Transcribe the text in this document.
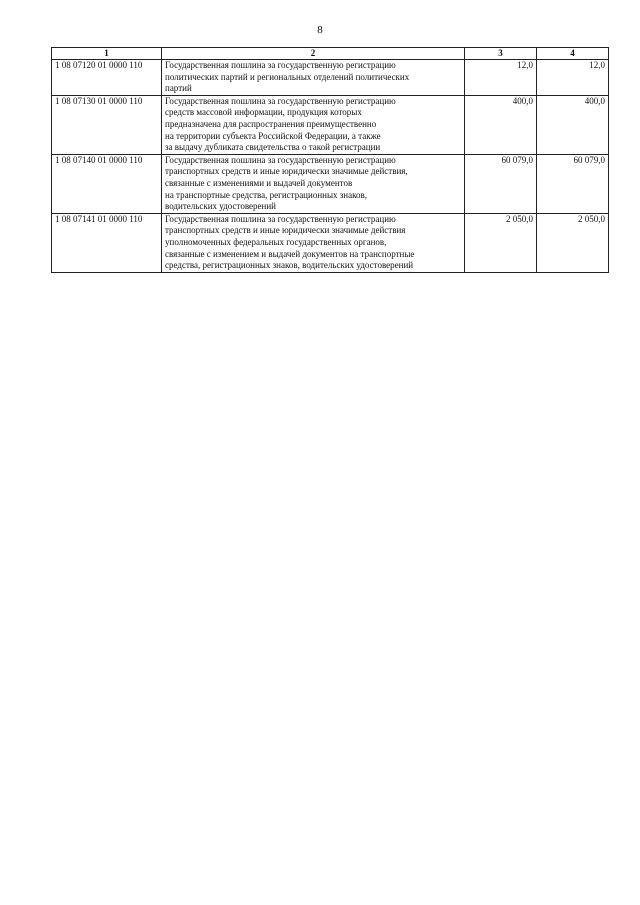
8
1	2	3	4
1 08 07120 01 0000 110	Государственная пошлина за государственную регистрацию
политических партий и региональных отделений политических
партий	12,0	12,0
1 08 07130 01 0000 110	Государственная пошлина за государственную регистрацию
средств массовой информации, продукция которых
предназначена для распространения преимущественно
на территории субъекта Российской Федерации, а также
за выдачу дубликата свидетельства о такой регистрации	400,0	400,0
1 08 07140 01 0000 110	Государственная пошлина за государственную регистрацию
транспортных средств и иные юридически значимые действия,
связанные с изменениями и выдачей документов
на транспортные средства, регистрационных знаков,
водительских удостоверений	60 079,0	60 079,0
1 08 07141 01 0000 110	Государственная пошлина за государственную регистрацию
транспортных средств и иные юридически значимые действия
уполномоченных федеральных государственных органов,
связанные с изменением и выдачей документов на транспортные
средства, регистрационных знаков, водительских удостоверений	2 050,0	2 050,0
